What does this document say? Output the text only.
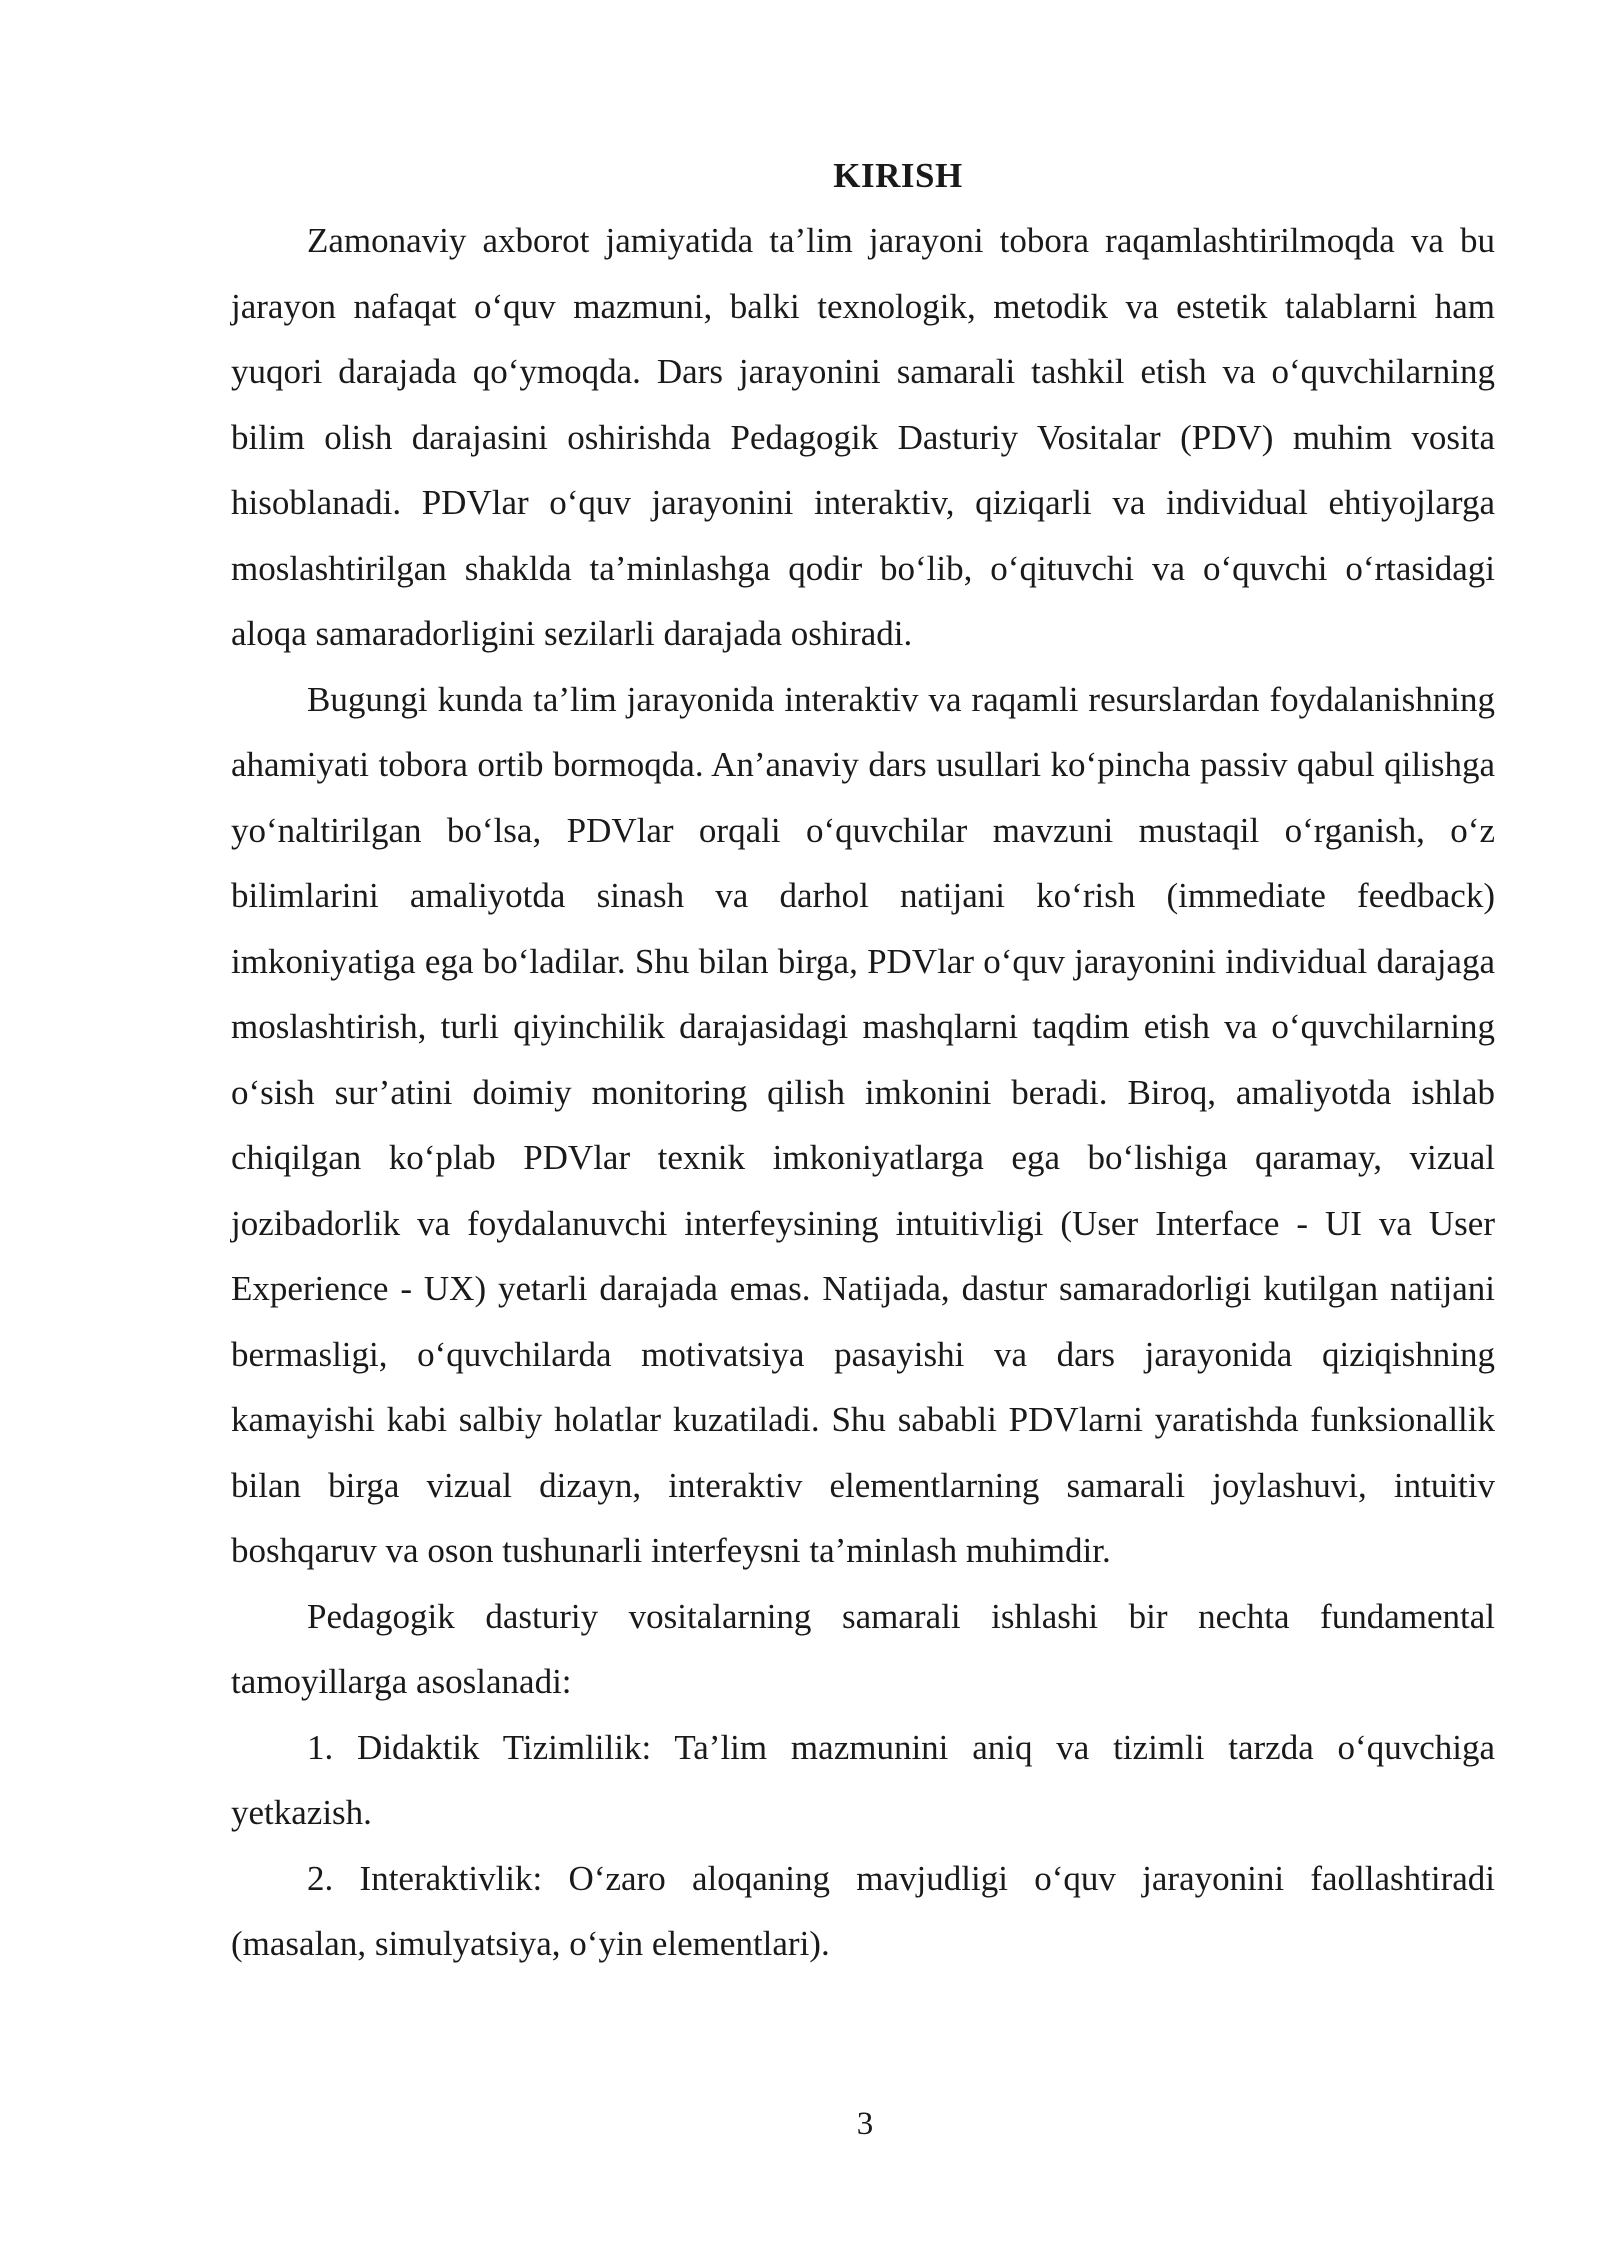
KIRISH

Zamonaviy axborot jamiyatida ta’lim jarayoni tobora raqamlashtirilmoqda va bu jarayon nafaqat o‘quv mazmuni, balki texnologik, metodik va estetik talablarni ham yuqori darajada qo‘ymoqda. Dars jarayonini samarali tashkil etish va o‘quvchilarning bilim olish darajasini oshirishda Pedagogik Dasturiy Vositalar (PDV) muhim vosita hisoblanadi. PDVlar o‘quv jarayonini interaktiv, qiziqarli va individual ehtiyojlarga moslashtirilgan shaklda ta’minlashga qodir bo‘lib, o‘qituvchi va o‘quvchi o‘rtasidagi aloqa samaradorligini sezilarli darajada oshiradi.

Bugungi kunda ta’lim jarayonida interaktiv va raqamli resurslardan foydalanishning ahamiyati tobora ortib bormoqda. An’anaviy dars usullari ko‘pincha passiv qabul qilishga yo‘naltirilgan bo‘lsa, PDVlar orqali o‘quvchilar mavzuni mustaqil o‘rganish, o‘z bilimlarini amaliyotda sinash va darhol natijani ko‘rish (immediate feedback) imkoniyatiga ega bo‘ladilar. Shu bilan birga, PDVlar o‘quv jarayonini individual darajaga moslashtirish, turli qiyinchilik darajasidagi mashqlarni taqdim etish va o‘quvchilarning o‘sish sur’atini doimiy monitoring qilish imkonini beradi. Biroq, amaliyotda ishlab chiqilgan ko‘plab PDVlar texnik imkoniyatlarga ega bo‘lishiga qaramay, vizual jozibadorlik va foydalanuvchi interfeysining intuitivligi (User Interface - UI va User Experience - UX) yetarli darajada emas. Natijada, dastur samaradorligi kutilgan natijani bermasligi, o‘quvchilarda motivatsiya pasayishi va dars jarayonida qiziqishning kamayishi kabi salbiy holatlar kuzatiladi. Shu sababli PDVlarni yaratishda funksionallik bilan birga vizual dizayn, interaktiv elementlarning samarali joylashuvi, intuitiv boshqaruv va oson tushunarli interfeysni ta’minlash muhimdir.

Pedagogik dasturiy vositalarning samarali ishlashi bir nechta fundamental tamoyillarga asoslanadi:

1. Didaktik Tizimlilik: Ta’lim mazmunini aniq va tizimli tarzda o‘quvchiga yetkazish.

2. Interaktivlik: O‘zaro aloqaning mavjudligi o‘quv jarayonini faollashtiradi (masalan, simulyatsiya, o‘yin elementlari).

3
